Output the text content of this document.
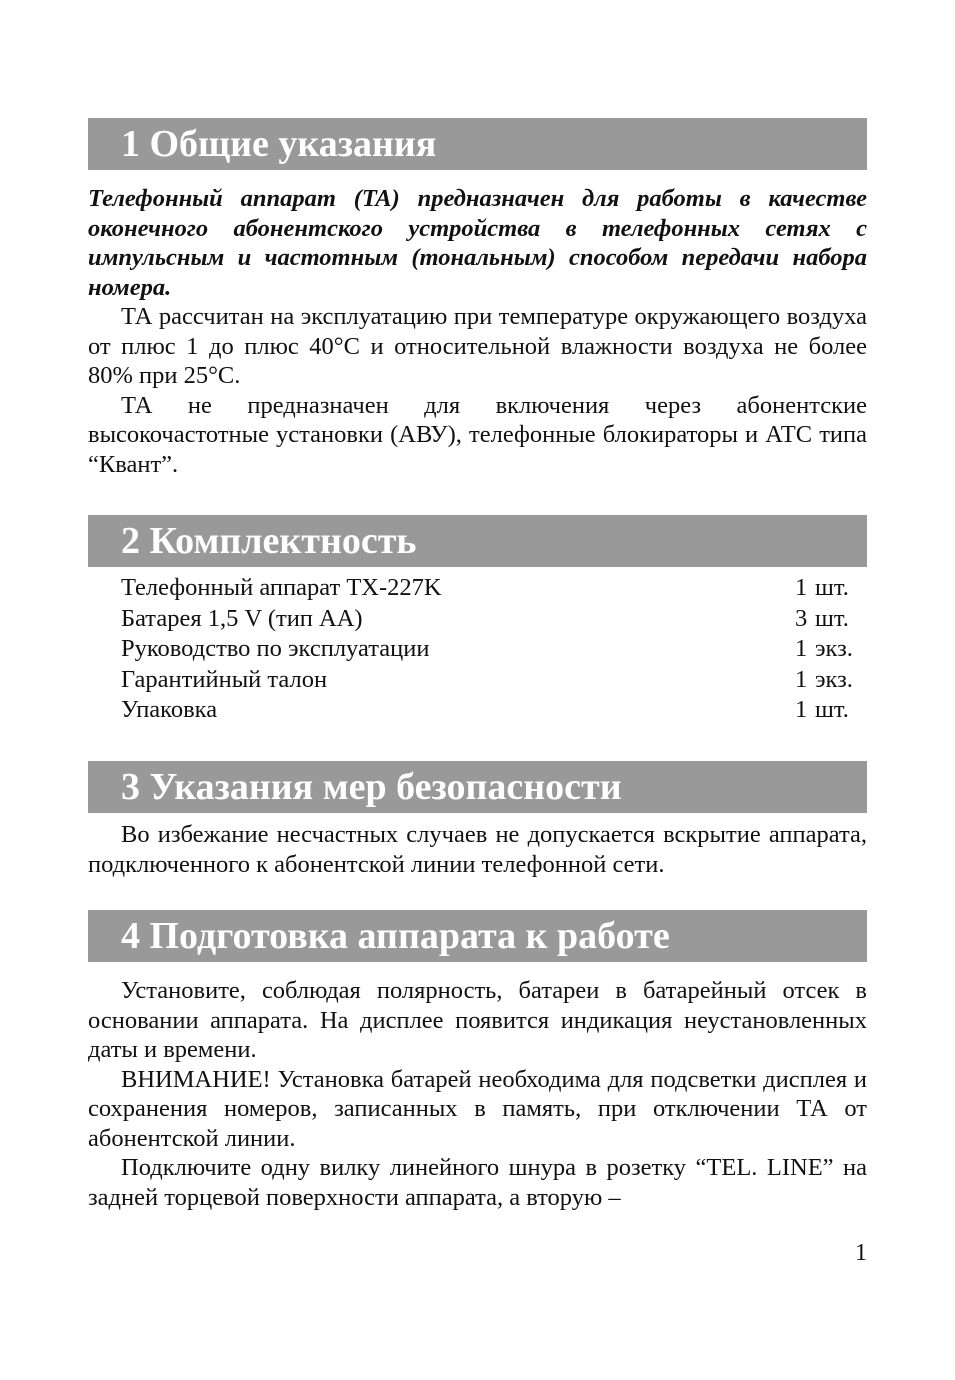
1 Общие указания

Телефонный аппарат (ТА) предназначен для работы в качестве оконечного абонентского устройства в телефонных сетях с импульсным и частотным (тональным) способом передачи набора номера.

ТА рассчитан на эксплуатацию при температуре окружающего воздуха от плюс 1 до плюс 40°С и относительной влажности воздуха не более 80% при 25°С.

ТА не предназначен для включения через абонентские высокочастотные установки (АВУ), телефонные блокираторы и АТС типа “Квант”.

2 Комплектность
Телефонный аппарат TX-227K	1 шт.
Батарея 1,5 V (тип AA)	3 шт.
Руководство по эксплуатации	1 экз.
Гарантийный талон	1 экз.
Упаковка	1 шт.
3 Указания мер безопасности

Во избежание несчастных случаев не допускается вскрытие аппарата, подключенного к абонентской линии телефонной сети.

4 Подготовка аппарата к работе

Установите, соблюдая полярность, батареи в батарейный отсек в основании аппарата. На дисплее появится индикация неустановленных даты и времени.

ВНИМАНИЕ! Установка батарей необходима для подсветки дисплея и сохранения номеров, записанных в память, при отключении ТА от абонентской линии.

Подключите одну вилку линейного шнура в розетку “TEL. LINE” на задней торцевой поверхности аппарата, а вторую –

1
